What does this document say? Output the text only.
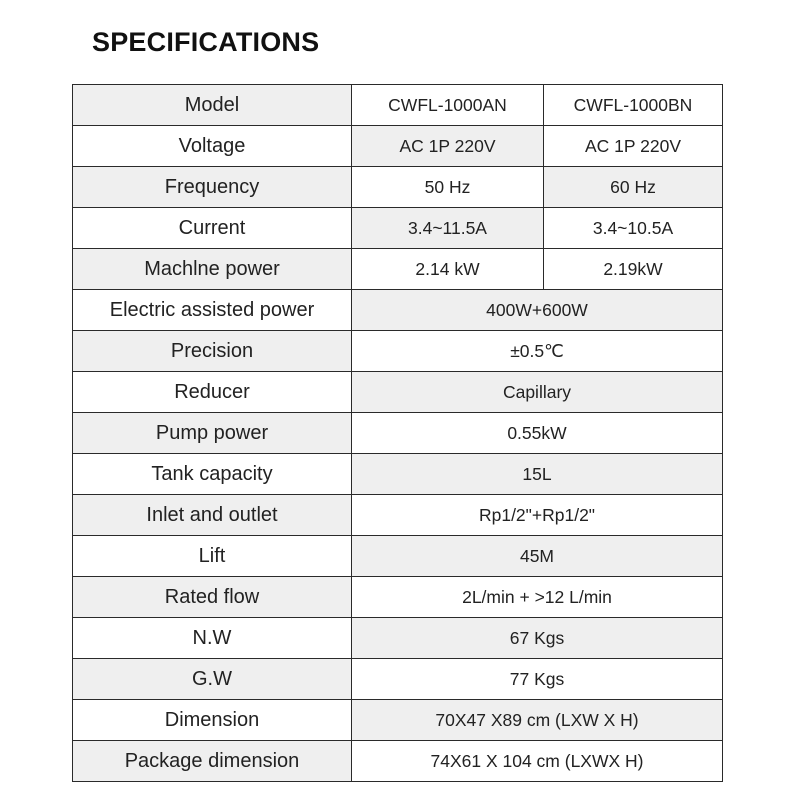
SPECIFICATIONS
Model	CWFL-1000AN	CWFL-1000BN
Voltage	AC 1P 220V	AC 1P 220V
Frequency	50 Hz	60 Hz
Current	3.4~11.5A	3.4~10.5A
Machlne power	2.14 kW	2.19kW
Electric assisted power	400W+600W	
Precision	±0.5℃	
Reducer	Capillary	
Pump power	0.55kW	
Tank capacity	15L	
Inlet and outlet	Rp1/2"+Rp1/2"	
Lift	45M	
Rated flow	2L/min + >12 L/min	
N.W	67 Kgs	
G.W	77 Kgs	
Dimension	70X47 X89 cm (LXW X H)	
Package dimension	74X61 X 104 cm (LXWX H)	
